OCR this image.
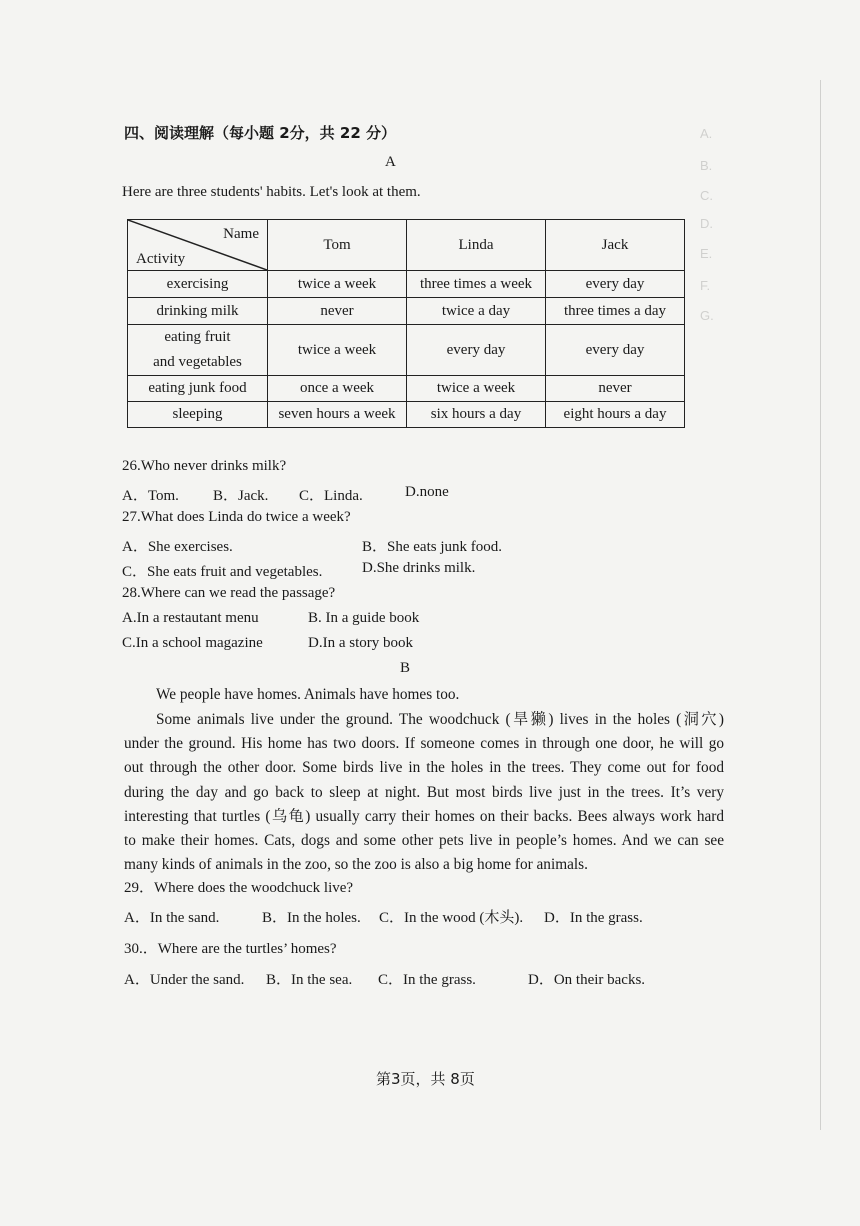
A.
B.
C.
D.
E.
F.
G.
四、阅读理解（每小题 2分，共 22 分）
A
Here are three students' habits. Let's look at them.
Name
Activity	Tom	Linda	Jack
exercising	twice a week	three times a week	every day
drinking milk	never	twice a day	three times a day
eating fruit
and vegetables	twice a week	every day	every day
eating junk food	once a week	twice a week	never
sleeping	seven hours a week	six hours a day	eight hours a day
26.Who never drinks milk?
A．Tom. B．Jack. C．Linda.	D.none
27.What does Linda do twice a week?
A．She exercises.	B．She eats junk food.
C．She eats fruit and vegetables.	D.She drinks milk.
28.Where can we read the passage?
A.In a restautant menu	B. In a guide book
C.In a school magazine	D.In a story book
B
We people have homes. Animals have homes too.
Some animals live under the ground. The woodchuck (旱獭) lives in the holes (洞穴)
under the ground. His home has two doors. If someone comes in through one door, he will go
out through the other door. Some birds live in the holes in the trees. They come out for food
during the day and go back to sleep at night. But most birds live just in the trees. It’s very
interesting that turtles (乌龟) usually carry their homes on their backs. Bees always work hard
to make their homes. Cats, dogs and some other pets live in people’s homes. And we can see
many kinds of animals in the zoo, so the zoo is also a big home for animals.
29．Where does the woodchuck live?
A．In the sand.	B．In the holes. C．In the wood (木头). D．In the grass.
30.．Where are the turtles’ homes?
A．Under the sand. B．In the sea. C．In the grass.	D．On their backs.
第3页，共 8页
